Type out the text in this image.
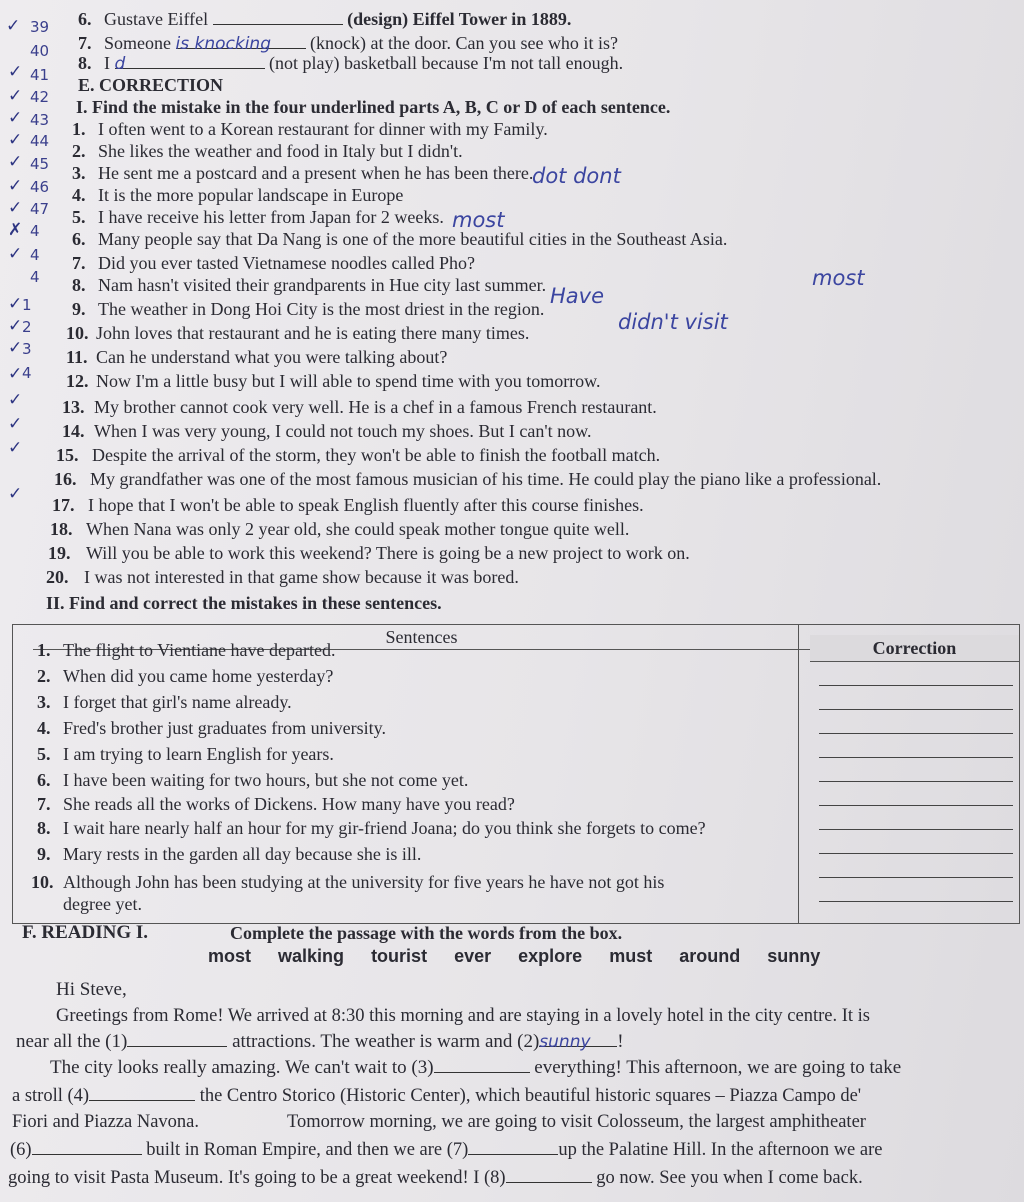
39
40
41
42
43
44
45
46
47
4
4
4
1
2
3
4
✓
✓
✓
✓
✓
✓
✓
✓
✗
✓
✓
✓
✓
✓
✓
✓
✓
✓
6. Gustave Eiffel	(design) Eiffel Tower in 1889.
7. Someone is knocking (knock) at the door. Can you see who it is?
8. I d	(not play) basketball because I'm not tall enough.
E. CORRECTION
I. Find the mistake in the four underlined parts A, B, C or D of each sentence.
1. I often went to a Korean restaurant for dinner with my Family.
2. She likes the weather and food in Italy but I didn't.
3. He sent me a postcard and a present when he has been there.
4. It is the more popular landscape in Europe
5. I have receive his letter from Japan for 2 weeks.
6. Many people say that Da Nang is one of the more beautiful cities in the Southeast Asia.
7. Did you ever tasted Vietnamese noodles called Pho?
8. Nam hasn't visited their grandparents in Hue city last summer.
9. The weather in Dong Hoi City is the most driest in the region.
10. John loves that restaurant and he is eating there many times.
11. Can he understand what you were talking about?
12. Now I'm a little busy but I will able to spend time with you tomorrow.
13. My brother cannot cook very well. He is a chef in a famous French restaurant.
14. When I was very young, I could not touch my shoes. But I can't now.
15. Despite the arrival of the storm, they won't be able to finish the football match.
16. My grandfather was one of the most famous musician of his time. He could play the piano like a professional.
17. I hope that I won't be able to speak English fluently after this course finishes.
18. When Nana was only 2 year old, she could speak mother tongue quite well.
19. Will you be able to work this weekend? There is going be a new project to work on.
20. I was not interested in that game show because it was bored.
dot dont
most
most
Have
didn't visit
II. Find and correct the mistakes in these sentences.
Sentences
Correction
1. The flight to Vientiane have departed.
2. When did you came home yesterday?
3. I forget that girl's name already.
4. Fred's brother just graduates from university.
5. I am trying to learn English for years.
6. I have been waiting for two hours, but she not come yet.
7. She reads all the works of Dickens. How many have you read?
8. I wait hare nearly half an hour for my gir-friend Joana; do you think she forgets to come?
9. Mary rests in the garden all day because she is ill.
10. Although John has been studying at the university for five years he have not got his
degree yet.
F. READING I.	Complete the passage with the words from the box.
most walking tourist ever explore must around sunny
Hi Steve,
Greetings from Rome! We arrived at 8:30 this morning and are staying in a lovely hotel in the city centre. It is
near all the (1)	attractions. The weather is warm and (2)sunny !
The city looks really amazing. We can't wait to (3)	everything! This afternoon, we are going to take
a stroll (4)	the Centro Storico (Historic Center), which beautiful historic squares – Piazza Campo de'
Fiori and Piazza Navona.	Tomorrow morning, we are going to visit Colosseum, the largest amphitheater
(6)	built in Roman Empire, and then we are (7)	up the Palatine Hill. In the afternoon we are
going to visit Pasta Museum. It's going to be a great weekend! I (8)	go now. See you when I come back.
